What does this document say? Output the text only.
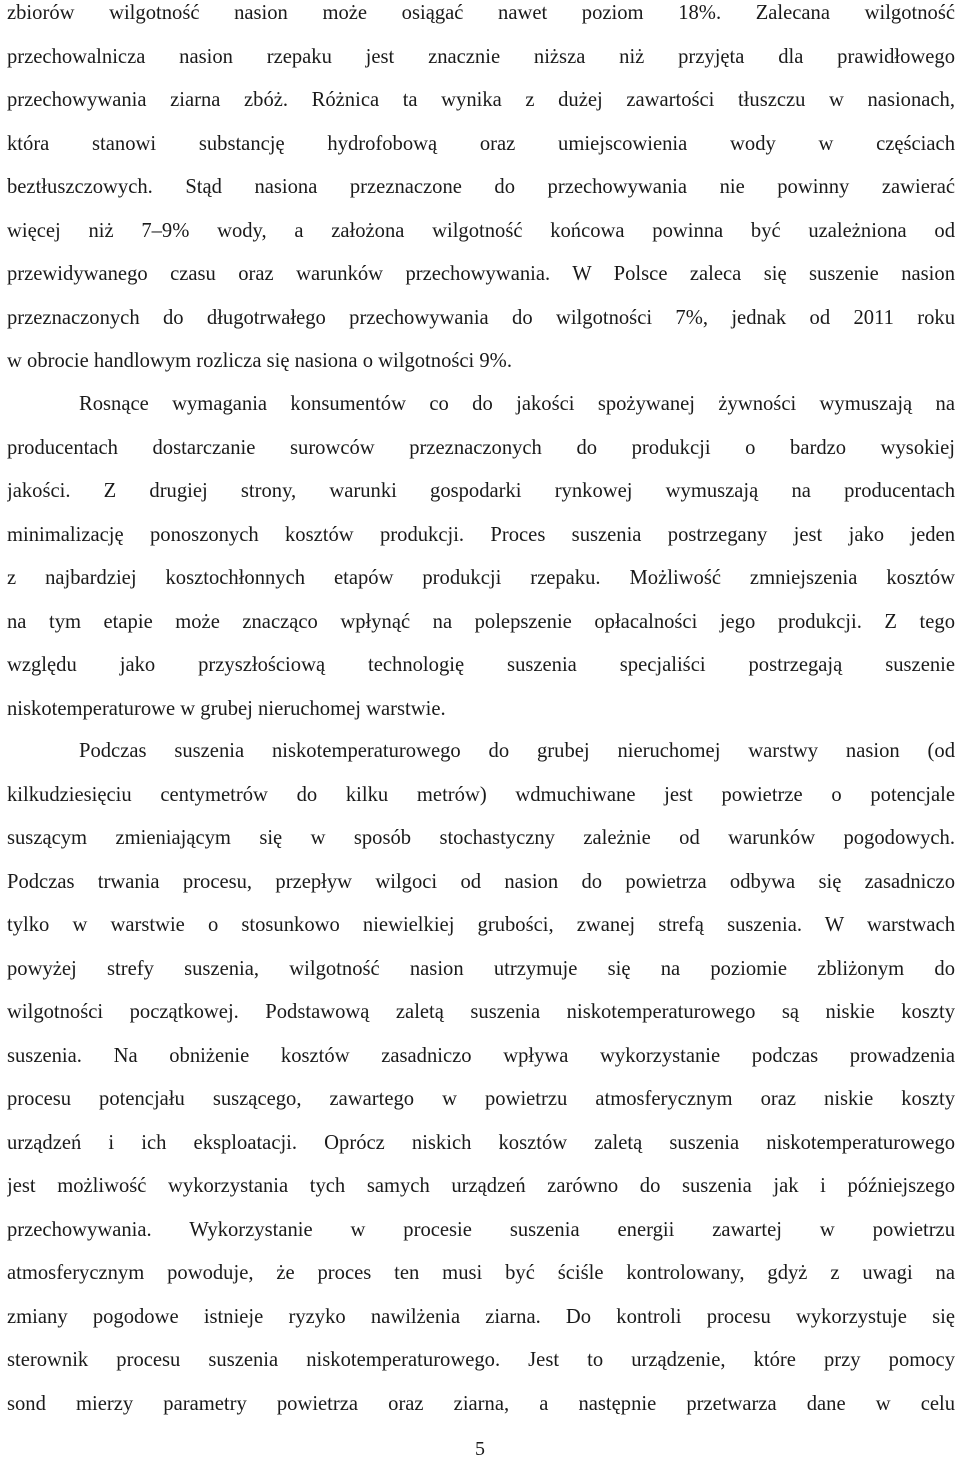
zbiorów wilgotność nasion może osiągać nawet poziom 18%. Zalecana wilgotność
przechowalnicza nasion rzepaku jest znacznie niższa niż przyjęta dla prawidłowego
przechowywania ziarna zbóż. Różnica ta wynika z dużej zawartości tłuszczu w nasionach,
która stanowi substancję hydrofobową oraz umiejscowienia wody w częściach
beztłuszczowych. Stąd nasiona przeznaczone do przechowywania nie powinny zawierać
więcej niż 7–9% wody, a założona wilgotność końcowa powinna być uzależniona od
przewidywanego czasu oraz warunków przechowywania. W Polsce zaleca się suszenie nasion
przeznaczonych do długotrwałego przechowywania do wilgotności 7%, jednak od 2011 roku
w obrocie handlowym rozlicza się nasiona o wilgotności 9%.
Rosnące wymagania konsumentów co do jakości spożywanej żywności wymuszają na
producentach dostarczanie surowców przeznaczonych do produkcji o bardzo wysokiej
jakości. Z drugiej strony, warunki gospodarki rynkowej wymuszają na producentach
minimalizację ponoszonych kosztów produkcji. Proces suszenia postrzegany jest jako jeden
z najbardziej kosztochłonnych etapów produkcji rzepaku. Możliwość zmniejszenia kosztów
na tym etapie może znacząco wpłynąć na polepszenie opłacalności jego produkcji. Z tego
względu jako przyszłościową technologię suszenia specjaliści postrzegają suszenie
niskotemperaturowe w grubej nieruchomej warstwie.
Podczas suszenia niskotemperaturowego do grubej nieruchomej warstwy nasion (od
kilkudziesięciu centymetrów do kilku metrów) wdmuchiwane jest powietrze o potencjale
suszącym zmieniającym się w sposób stochastyczny zależnie od warunków pogodowych.
Podczas trwania procesu, przepływ wilgoci od nasion do powietrza odbywa się zasadniczo
tylko w warstwie o stosunkowo niewielkiej grubości, zwanej strefą suszenia. W warstwach
powyżej strefy suszenia, wilgotność nasion utrzymuje się na poziomie zbliżonym do
wilgotności początkowej. Podstawową zaletą suszenia niskotemperaturowego są niskie koszty
suszenia. Na obniżenie kosztów zasadniczo wpływa wykorzystanie podczas prowadzenia
procesu potencjału suszącego, zawartego w powietrzu atmosferycznym oraz niskie koszty
urządzeń i ich eksploatacji. Oprócz niskich kosztów zaletą suszenia niskotemperaturowego
jest możliwość wykorzystania tych samych urządzeń zarówno do suszenia jak i późniejszego
przechowywania. Wykorzystanie w procesie suszenia energii zawartej w powietrzu
atmosferycznym powoduje, że proces ten musi być ściśle kontrolowany, gdyż z uwagi na
zmiany pogodowe istnieje ryzyko nawilżenia ziarna. Do kontroli procesu wykorzystuje się
sterownik procesu suszenia niskotemperaturowego. Jest to urządzenie, które przy pomocy
sond mierzy parametry powietrza oraz ziarna, a następnie przetwarza dane w celu
5
